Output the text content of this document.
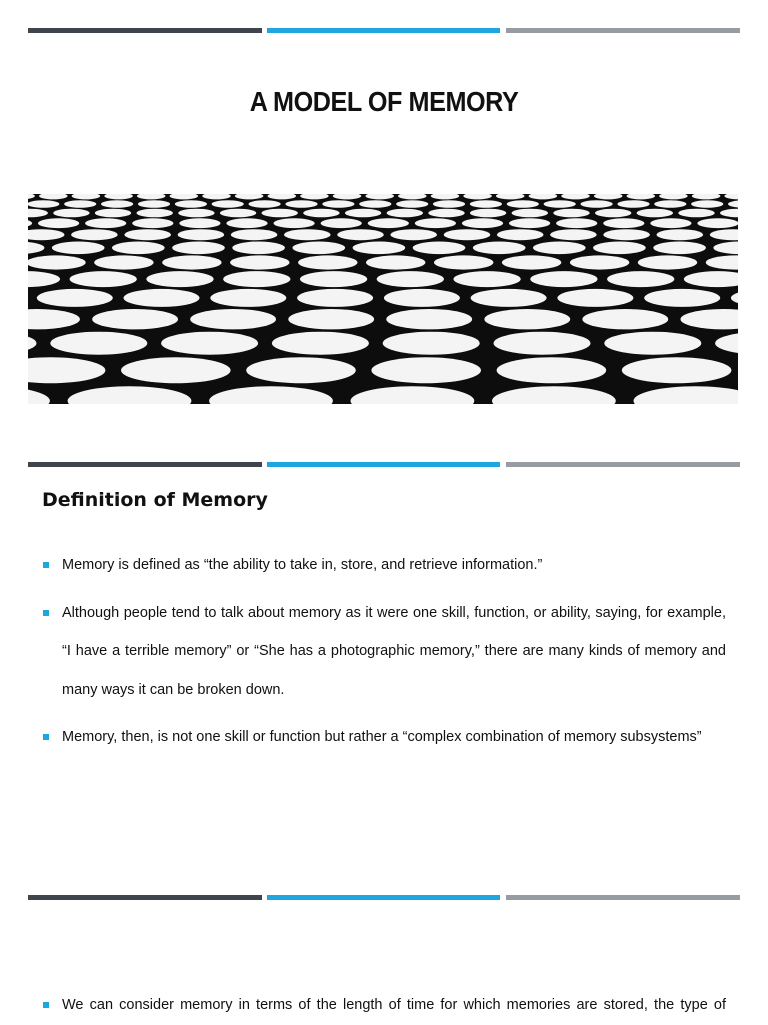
A MODEL OF MEMORY
Definition of Memory
Memory is defined as “the ability to take in, store, and retrieve information.”
Although people tend to talk about memory as it were one skill, function, or ability, saying, for example, “I have a terrible memory” or “She has a photographic memory,” there are many kinds of memory and many ways it can be broken down.
Memory, then, is not one skill or function but rather a “complex combination of memory subsystems”
We can consider memory in terms of the length of time for which memories are stored, the type of
